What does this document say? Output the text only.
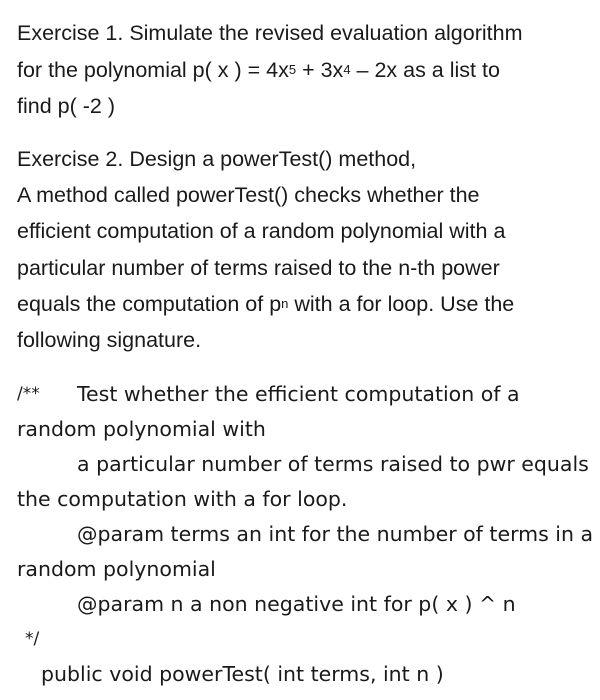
Exercise 1. Simulate the revised evaluation algorithm
for the polynomial p( x ) = $4x^5 + 3x^4 - 2x$ as a list to
find p( -2 )
Exercise 2. Design a powerTest() method,
A method called powerTest() checks whether the
efficient computation of a random polynomial with a
particular number of terms raised to the n-th power
equals the computation of $p^n$ with a for loop. Use the
following signature.
/** Test whether the efficient computation of a
random polynomial with
a particular number of terms raised to pwr equals
the computation with a for loop.
@param terms an int for the number of terms in a
random polynomial
@param n a non negative int for p( x ) ^ n
*/
public void powerTest( int terms, int n )
